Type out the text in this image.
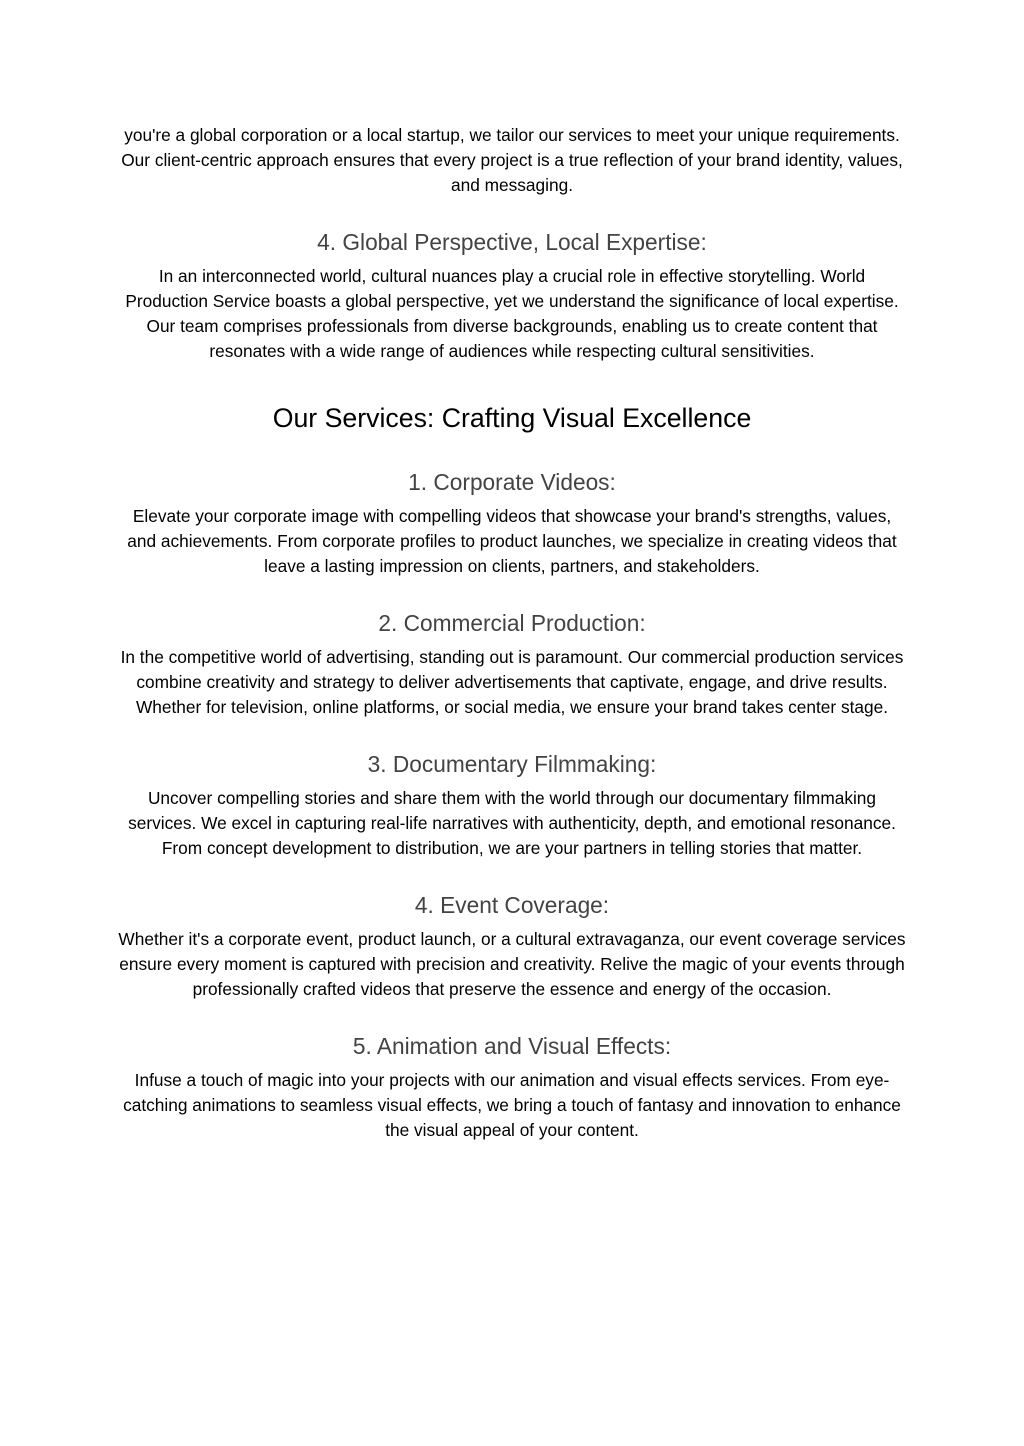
you're a global corporation or a local startup, we tailor our services to meet your unique requirements. Our client-centric approach ensures that every project is a true reflection of your brand identity, values, and messaging.

4. Global Perspective, Local Expertise:

In an interconnected world, cultural nuances play a crucial role in effective storytelling. World Production Service boasts a global perspective, yet we understand the significance of local expertise. Our team comprises professionals from diverse backgrounds, enabling us to create content that resonates with a wide range of audiences while respecting cultural sensitivities.

Our Services: Crafting Visual Excellence
1. Corporate Videos:

Elevate your corporate image with compelling videos that showcase your brand's strengths, values, and achievements. From corporate profiles to product launches, we specialize in creating videos that leave a lasting impression on clients, partners, and stakeholders.

2. Commercial Production:

In the competitive world of advertising, standing out is paramount. Our commercial production services combine creativity and strategy to deliver advertisements that captivate, engage, and drive results. Whether for television, online platforms, or social media, we ensure your brand takes center stage.

3. Documentary Filmmaking:

Uncover compelling stories and share them with the world through our documentary filmmaking services. We excel in capturing real-life narratives with authenticity, depth, and emotional resonance. From concept development to distribution, we are your partners in telling stories that matter.

4. Event Coverage:

Whether it's a corporate event, product launch, or a cultural extravaganza, our event coverage services ensure every moment is captured with precision and creativity. Relive the magic of your events through professionally crafted videos that preserve the essence and energy of the occasion.

5. Animation and Visual Effects:

Infuse a touch of magic into your projects with our animation and visual effects services. From eye-catching animations to seamless visual effects, we bring a touch of fantasy and innovation to enhance the visual appeal of your content.
